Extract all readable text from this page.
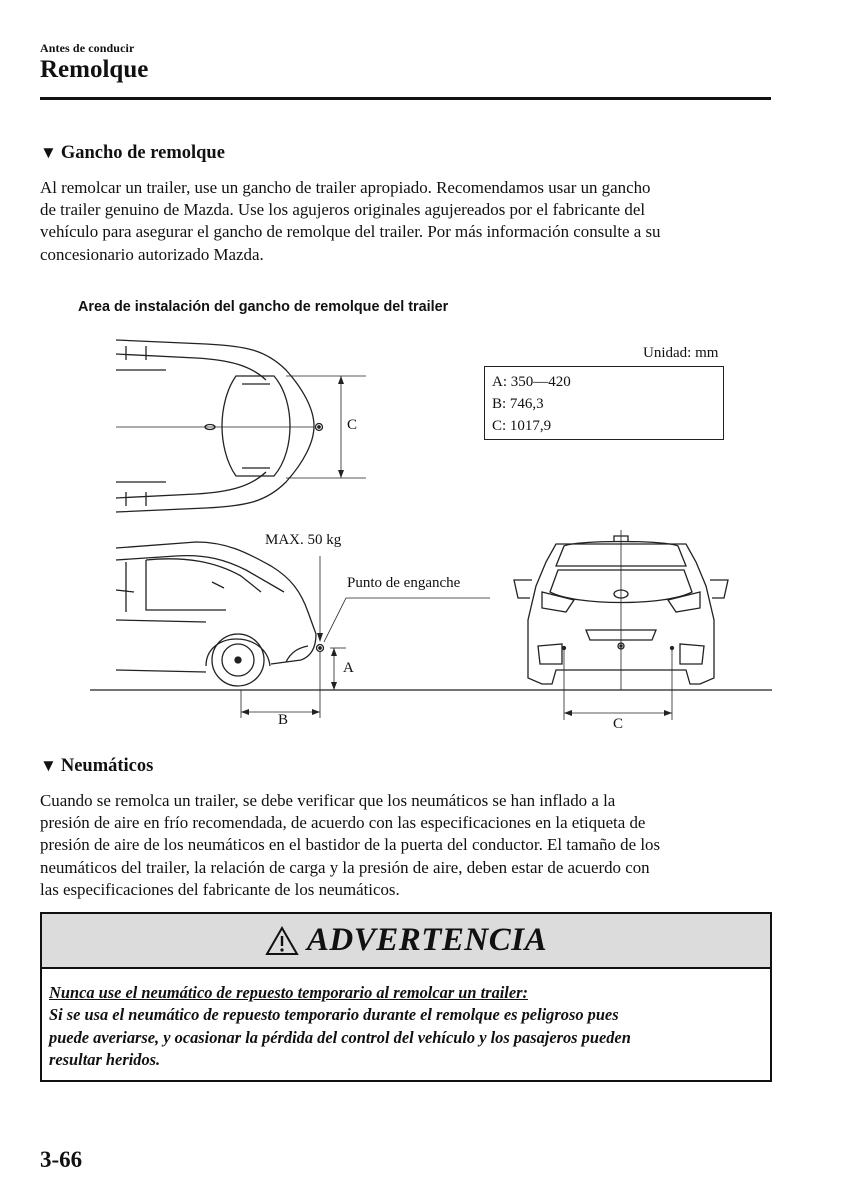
Antes de conducir
Remolque
▼ Gancho de remolque
Al remolcar un trailer, use un gancho de trailer apropiado. Recomendamos usar un gancho
de trailer genuino de Mazda. Use los agujeros originales agujereados por el fabricante del
vehículo para asegurar el gancho de remolque del trailer. Por más información consulte a su
concesionario autorizado Mazda.
Area de instalación del gancho de remolque del trailer
Unidad: mm
A: 350—420
B: 746,3
C: 1017,9
C
MAX. 50 kg
Punto de enganche
A
B	C
▼ Neumáticos
Cuando se remolca un trailer, se debe verificar que los neumáticos se han inflado a la
presión de aire en frío recomendada, de acuerdo con las especificaciones en la etiqueta de
presión de aire de los neumáticos en el bastidor de la puerta del conductor. El tamaño de los
neumáticos del trailer, la relación de carga y la presión de aire, deben estar de acuerdo con
las especificaciones del fabricante de los neumáticos.
ADVERTENCIA
Nunca use el neumático de repuesto temporario al remolcar un trailer:
Si se usa el neumático de repuesto temporario durante el remolque es peligroso pues
puede averiarse, y ocasionar la pérdida del control del vehículo y los pasajeros pueden
resultar heridos.
3-66
